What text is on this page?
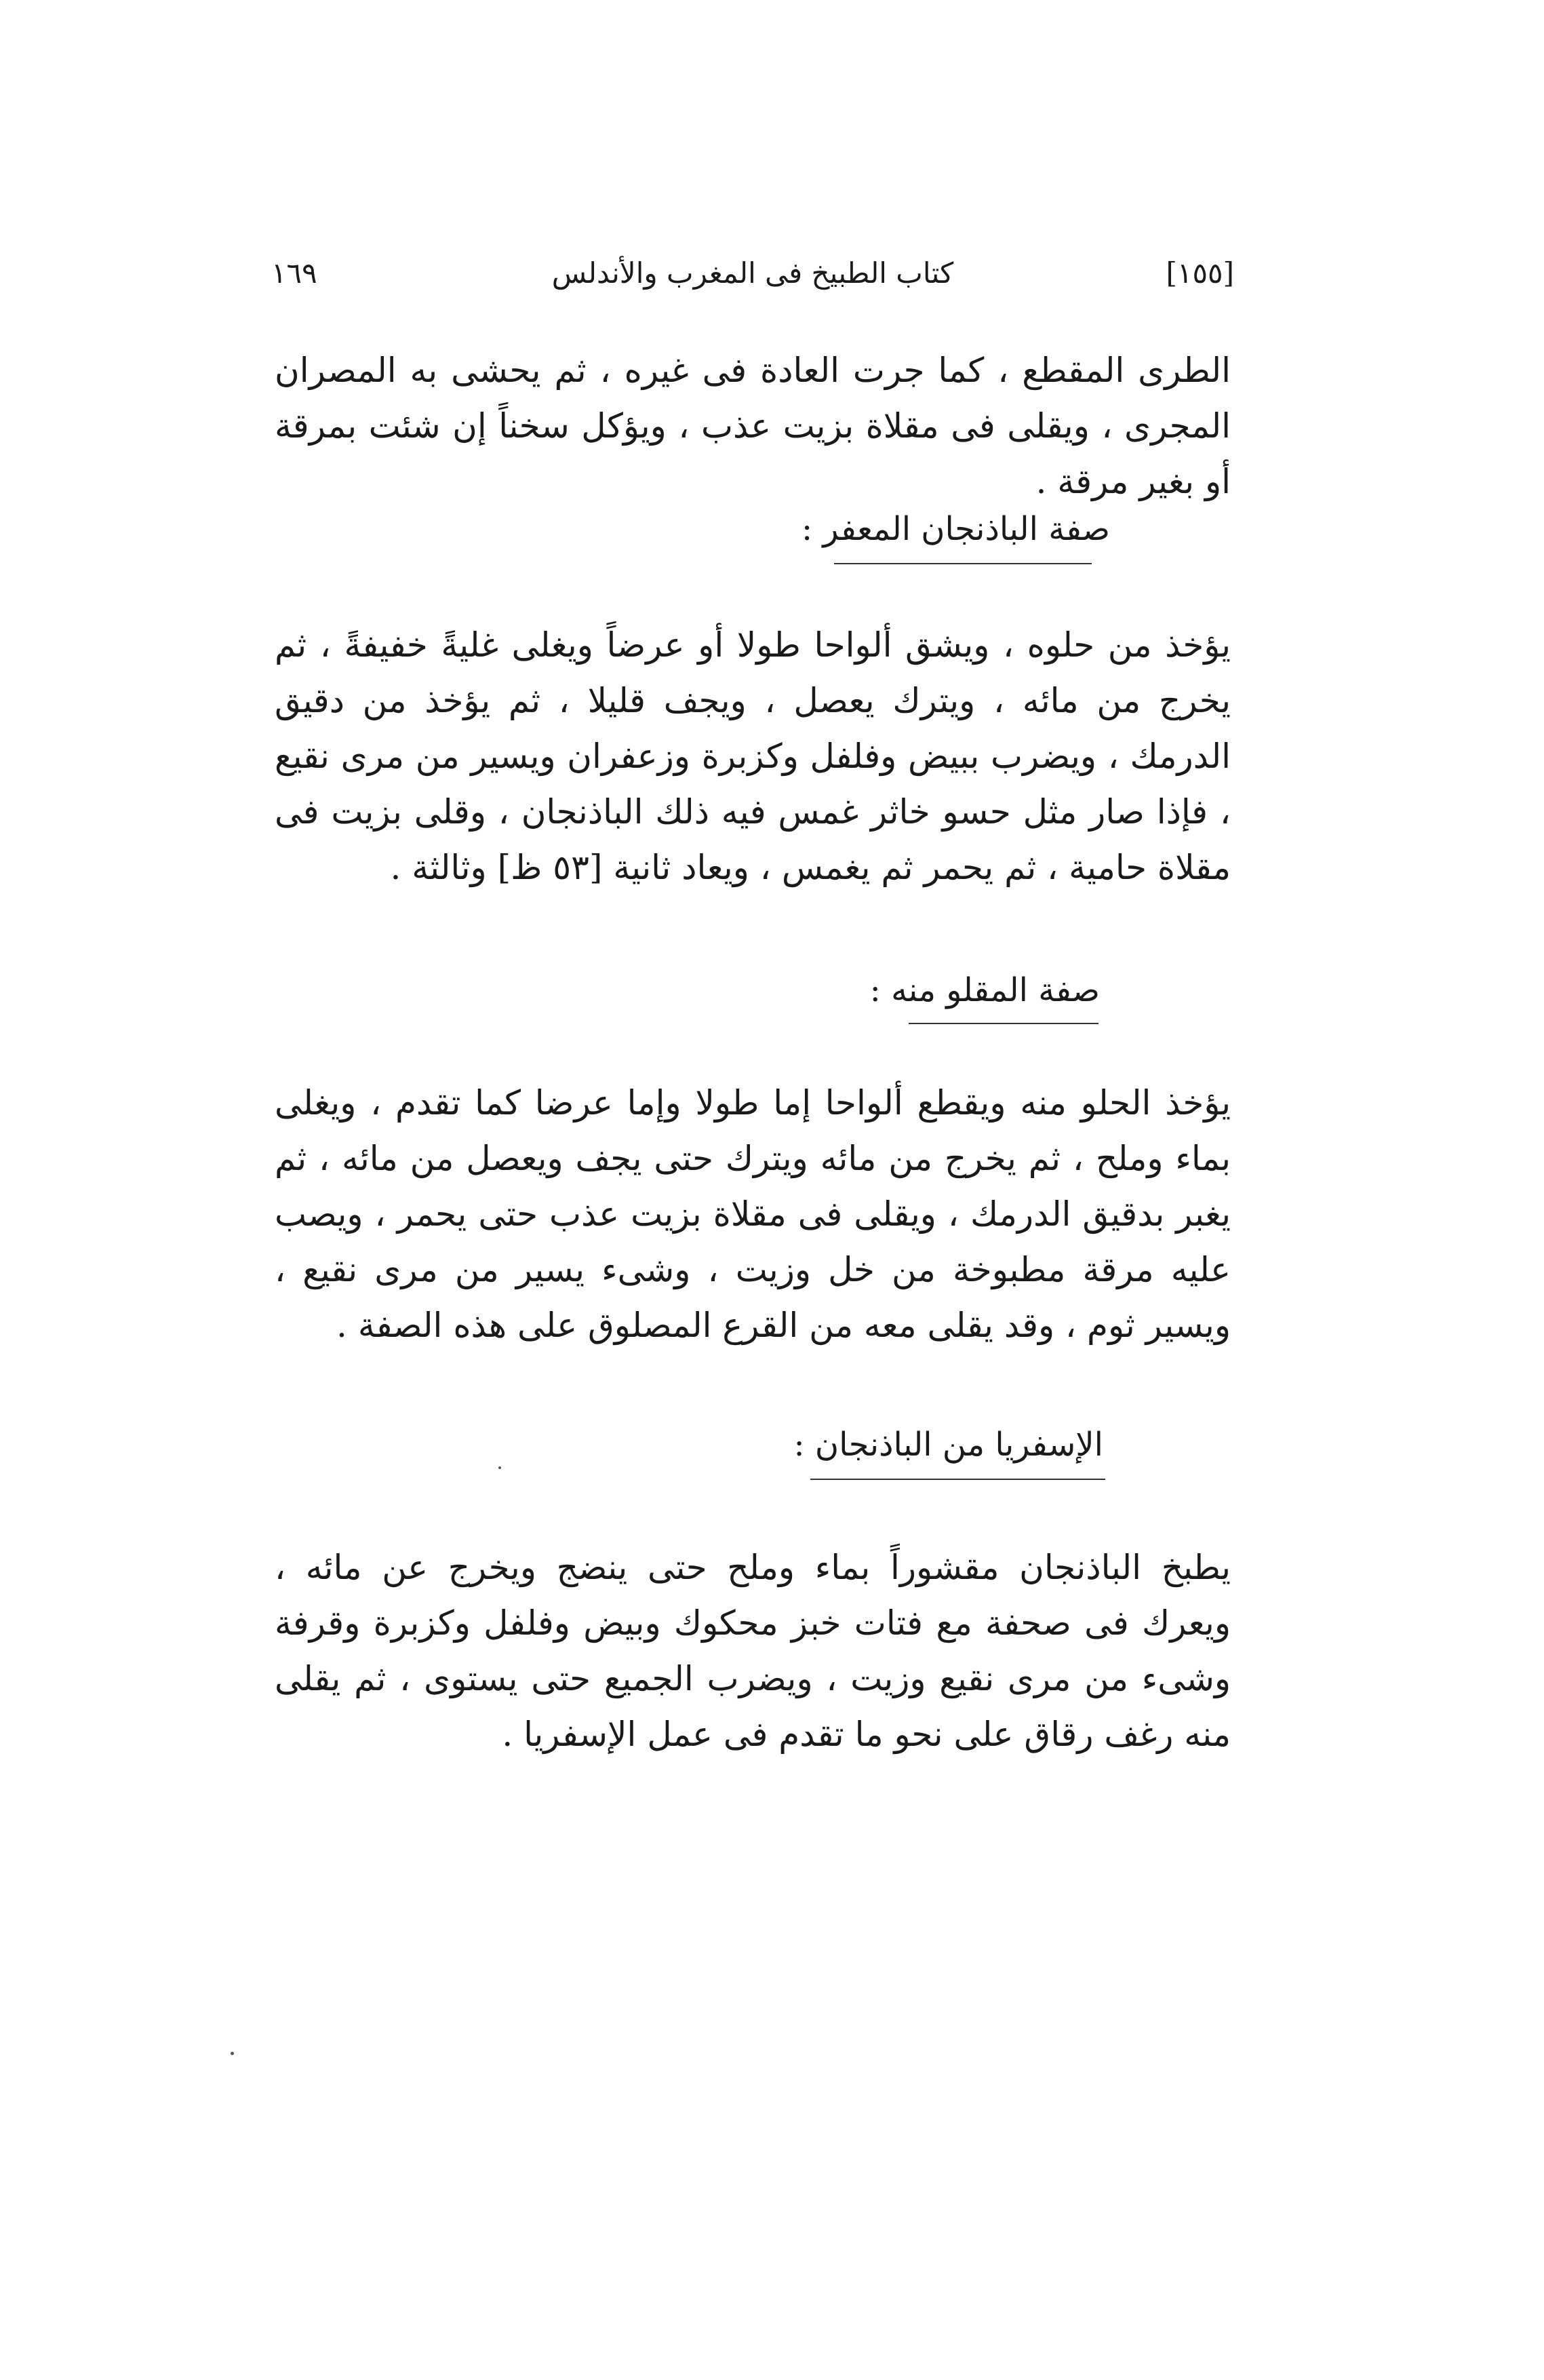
[١٥٥]
كتاب الطبيخ فى المغرب والأندلس
١٦٩
الطرى المقطع ، كما جرت العادة فى غيره ، ثم يحشى به المصران المجرى ، ويقلى فى مقلاة بزيت عذب ، ويؤكل سخناً إن شئت بمرقة أو بغير مرقة .
صفة الباذنجان المعفر :
يؤخذ من حلوه ، ويشق ألواحا طولا أو عرضاً ويغلى غليةً خفيفةً ، ثم يخرج من مائه ، ويترك يعصل ، ويجف قليلا ، ثم يؤخذ من دقيق الدرمك ، ويضرب ببيض وفلفل وكزبرة وزعفران ويسير من مرى نقيع ، فإذا صار مثل حسو خاثر غمس فيه ذلك الباذنجان ، وقلى بزيت فى مقلاة حامية ، ثم يحمر ثم يغمس ، ويعاد ثانية [٥٣ ظ] وثالثة .
صفة المقلو منه :
يؤخذ الحلو منه ويقطع ألواحا إما طولا وإما عرضا كما تقدم ، ويغلى بماء وملح ، ثم يخرج من مائه ويترك حتى يجف ويعصل من مائه ، ثم يغبر بدقيق الدرمك ، ويقلى فى مقلاة بزيت عذب حتى يحمر ، ويصب عليه مرقة مطبوخة من خل وزيت ، وشىء يسير من مرى نقيع ، ويسير ثوم ، وقد يقلى معه من القرع المصلوق على هذه الصفة .
الإسفريا من الباذنجان :
يطبخ الباذنجان مقشوراً بماء وملح حتى ينضج ويخرج عن مائه ، ويعرك فى صحفة مع فتات خبز محكوك وبيض وفلفل وكزبرة وقرفة وشىء من مرى نقيع وزيت ، ويضرب الجميع حتى يستوى ، ثم يقلى منه رغف رقاق على نحو ما تقدم فى عمل الإسفريا .
